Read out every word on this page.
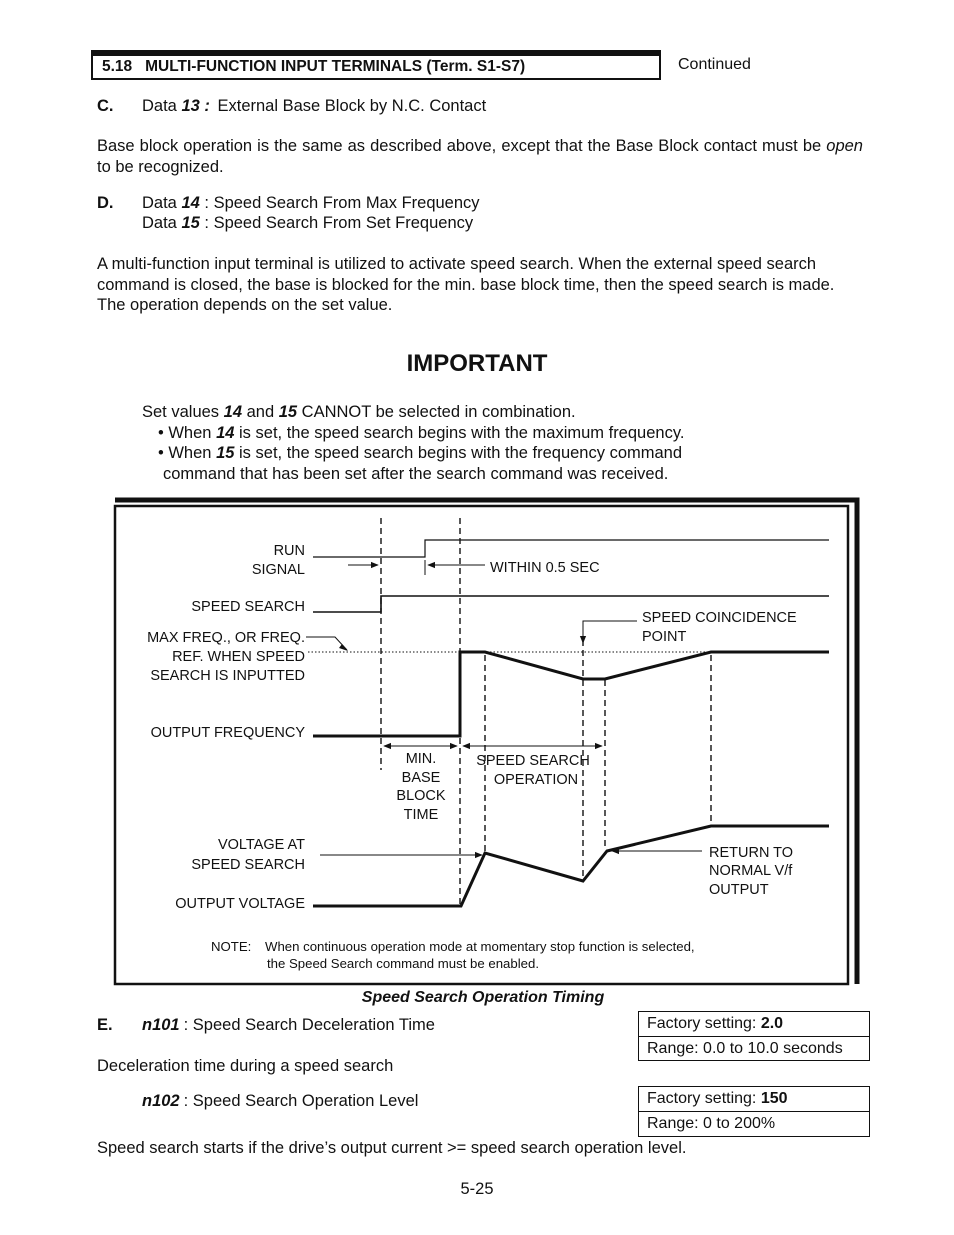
5.18   MULTI-FUNCTION INPUT TERMINALS (Term. S1-S7)	Continued
C. Data 13 : External Base Block by N.C. Contact
Base block operation is the same as described above, except that the Base Block contact must be open to be recognized.
D. Data 14 : Speed Search From Max Frequency
Data 15 : Speed Search From Set Frequency
A multi-function input terminal is utilized to activate speed search. When the external speed search command is closed, the base is blocked for the min. base block time, then the speed search is made. The operation depends on the set value.
IMPORTANT
Set values 14 and 15 CANNOT be selected in combination.
• When 14 is set, the speed search begins with the maximum frequency.
• When 15 is set, the speed search begins with the frequency command
command that has been set after the search command was received.
RUN
SIGNAL	WITHIN 0.5 SEC
SPEED SEARCH
MAX FREQ., OR FREQ.
REF. WHEN SPEED
SEARCH IS INPUTTED
SPEED COINCIDENCE
POINT
OUTPUT FREQUENCY
MIN.
BASE
BLOCK
TIME
SPEED SEARCH
OPERATION
VOLTAGE AT
SPEED SEARCH
RETURN TO
NORMAL V/f
OUTPUT
OUTPUT VOLTAGE
NOTE: When continuous operation mode at momentary stop function is selected,
the Speed Search command must be enabled.
Speed Search Operation Timing
E. n101 : Speed Search Deceleration Time	Factory setting: 2.0
Range: 0.0 to 10.0 seconds
Deceleration time during a speed search
n102 : Speed Search Operation Level	Factory setting: 150
Range: 0 to 200%
Speed search starts if the drive’s output current >= speed search operation level.
5-25
